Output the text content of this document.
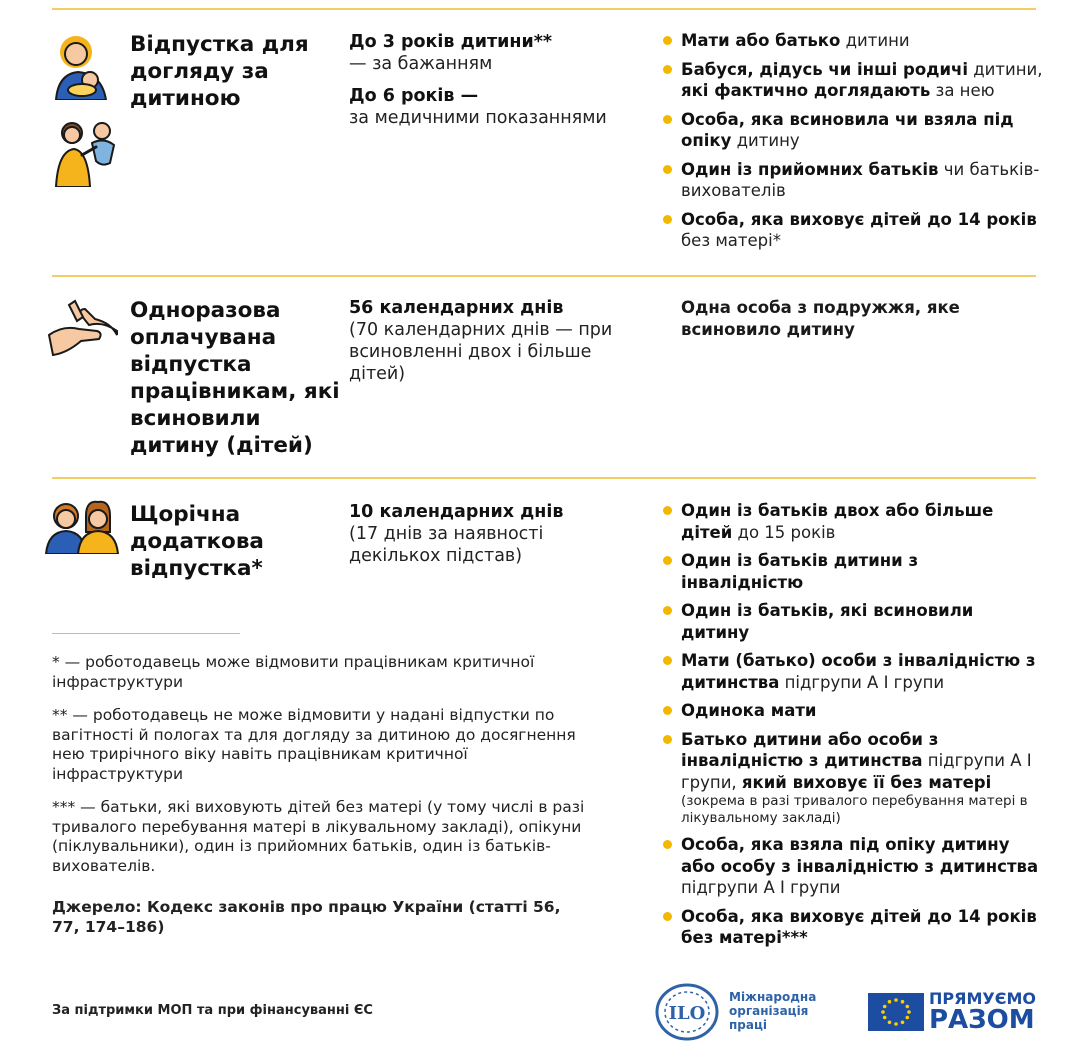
Відпустка для догляду за дитиною

До 3 років дитини**
— за бажанням

До 6 років —
за медичними показаннями

Мати або батько дитини
Бабуся, дідусь чи інші родичі дитини, які фактично доглядають за нею
Особа, яка всиновила чи взяла під опіку дитину
Один із прийомних батьків чи батьків-вихователів
Особа, яка виховує дітей до 14 років без матері*
Одноразова оплачувана відпустка працівникам, які всиновили дитину (дітей)

56 календарних днів
(70 календарних днів — при всиновленні двох і більше дітей)

Одна особа з подружжя, яке всиновило дитину
Щорічна додаткова відпустка*

10 календарних днів
(17 днів за наявності декількох підстав)

Один із батьків двох або більше дітей до 15 років
Один із батьків дитини з інвалідністю
Один із батьків, які всиновили дитину
Мати (батько) особи з інвалідністю з дитинства підгрупи А I групи
Одинока мати
Батько дитини або особи з інвалідністю з дитинства підгрупи А I групи, який виховує її без матері
(зокрема в разі тривалого перебування матері в лікувальному закладі)
Особа, яка взяла під опіку дитину або особу з інвалідністю з дитинства підгрупи А I групи
Особа, яка виховує дітей до 14 років без матері***

* — роботодавець може відмовити працівникам критичної інфраструктури

** — роботодавець не може відмовити у надані відпустки по вагітності й пологах та для догляду за дитиною до досягнення нею трирічного віку навіть працівникам критичної інфраструктури

*** — батьки, які виховують дітей без матері (у тому числі в разі тривалого перебування матері в лікувальному закладі), опікуни (піклувальники), один із прийомних батьків, один із батьків-вихователів.

Джерело: Кодекс законів про працю України (статті 56, 77, 174–186)

За підтримки МОП та при фінансуванні ЄС	ILO
Міжнародна організація праці
ПРЯМУЄМО
РАЗОМ
